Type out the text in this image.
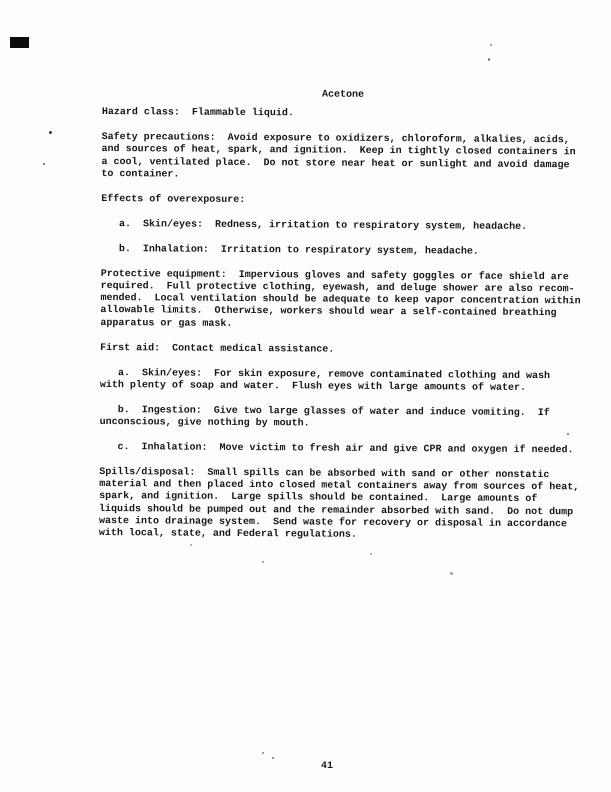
Acetone
Hazard class:  Flammable liquid.
Safety precautions:  Avoid exposure to oxidizers, chloroform, alkalies, acids,
and sources of heat, spark, and ignition.  Keep in tightly closed containers in
a cool, ventilated place.  Do not store near heat or sunlight and avoid damage
to container.
Effects of overexposure:
a.  Skin/eyes:  Redness, irritation to respiratory system, headache.
b.  Inhalation:  Irritation to respiratory system, headache.
Protective equipment:  Impervious gloves and safety goggles or face shield are
required.  Full protective clothing, eyewash, and deluge shower are also recom-
mended.  Local ventilation should be adequate to keep vapor concentration within
allowable limits.  Otherwise, workers should wear a self-contained breathing
apparatus or gas mask.
First aid:  Contact medical assistance.
a.  Skin/eyes:  For skin exposure, remove contaminated clothing and wash
with plenty of soap and water.  Flush eyes with large amounts of water.
b.  Ingestion:  Give two large glasses of water and induce vomiting.  If
unconscious, give nothing by mouth.
c.  Inhalation:  Move victim to fresh air and give CPR and oxygen if needed.
Spills/disposal:  Small spills can be absorbed with sand or other nonstatic
material and then placed into closed metal containers away from sources of heat,
spark, and ignition.  Large spills should be contained.  Large amounts of
liquids should be pumped out and the remainder absorbed with sand.  Do not dump
waste into drainage system.  Send waste for recovery or disposal in accordance
with local, state, and Federal regulations.
41
